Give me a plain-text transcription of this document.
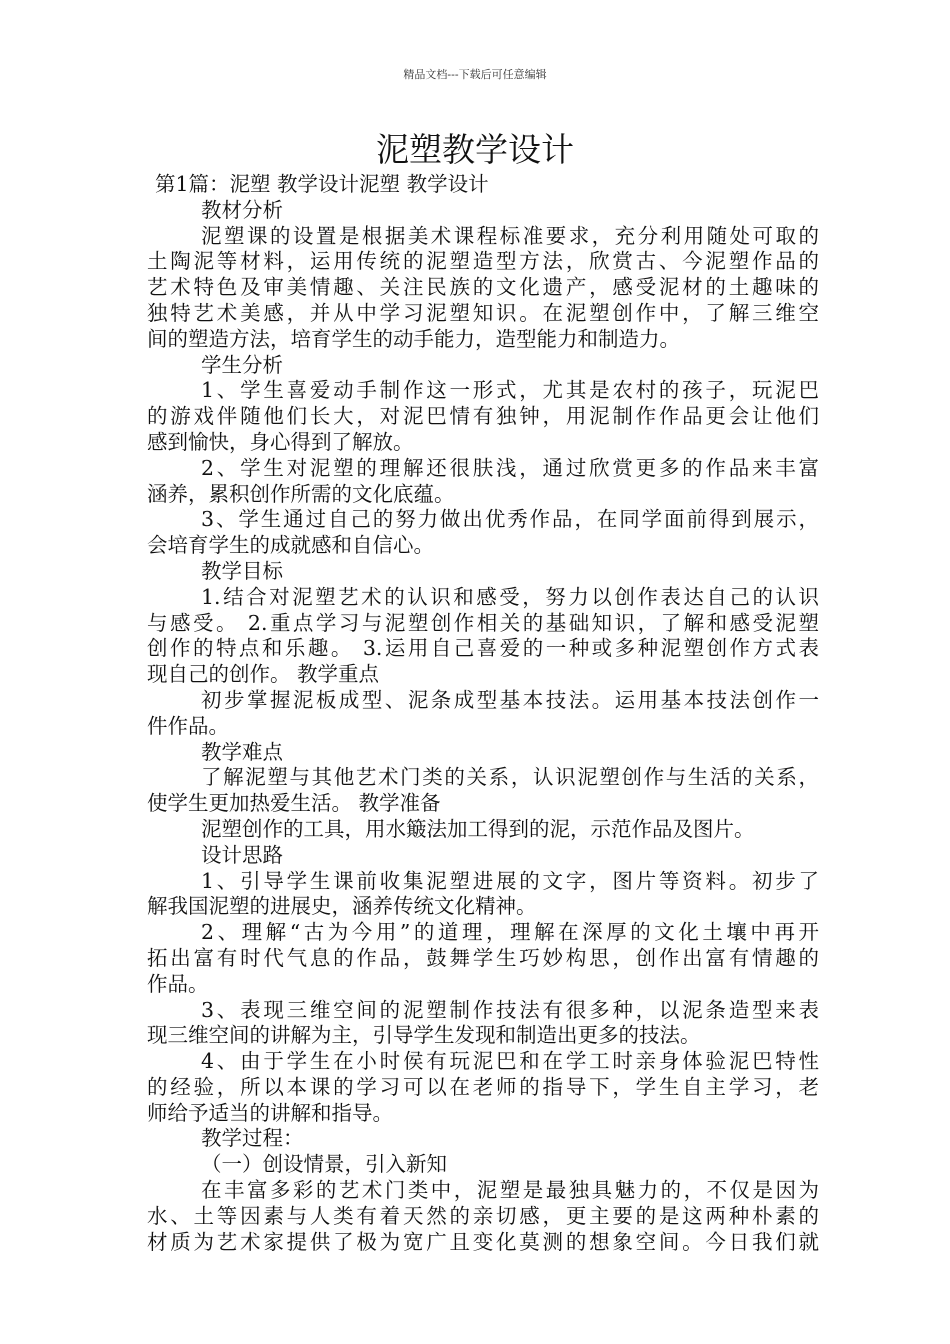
精品文档---下载后可任意编辑
泥塑教学设计
第1篇：泥塑 教学设计泥塑 教学设计
教材分析
泥塑课的设置是根据美术课程标准要求，充分利用随处可取的
土陶泥等材料，运用传统的泥塑造型方法，欣赏古、今泥塑作品的
艺术特色及审美情趣、关注民族的文化遗产，感受泥材的土趣味的
独特艺术美感，并从中学习泥塑知识。在泥塑创作中，了解三维空
间的塑造方法，培育学生的动手能力，造型能力和制造力。
学生分析
1、学生喜爱动手制作这一形式，尤其是农村的孩子，玩泥巴
的游戏伴随他们长大，对泥巴情有独钟，用泥制作作品更会让他们
感到愉快，身心得到了解放。
2、学生对泥塑的理解还很肤浅，通过欣赏更多的作品来丰富
涵养，累积创作所需的文化底蕴。
3、学生通过自己的努力做出优秀作品，在同学面前得到展示，
会培育学生的成就感和自信心。
教学目标
1.结合对泥塑艺术的认识和感受，努力以创作表达自己的认识
与感受。 2.重点学习与泥塑创作相关的基础知识，了解和感受泥塑
创作的特点和乐趣。 3.运用自己喜爱的一种或多种泥塑创作方式表
现自己的创作。 教学重点
初步掌握泥板成型、泥条成型基本技法。运用基本技法创作一
件作品。
教学难点
了解泥塑与其他艺术门类的关系，认识泥塑创作与生活的关系，
使学生更加热爱生活。 教学准备
泥塑创作的工具，用水簸法加工得到的泥，示范作品及图片。
设计思路
1、引导学生课前收集泥塑进展的文字，图片等资料。初步了
解我国泥塑的进展史，涵养传统文化精神。
2、理解“古为今用”的道理，理解在深厚的文化土壤中再开
拓出富有时代气息的作品，鼓舞学生巧妙构思，创作出富有情趣的
作品。
3、表现三维空间的泥塑制作技法有很多种，以泥条造型来表
现三维空间的讲解为主，引导学生发现和制造出更多的技法。
4、由于学生在小时侯有玩泥巴和在学工时亲身体验泥巴特性
的经验，所以本课的学习可以在老师的指导下，学生自主学习，老
师给予适当的讲解和指导。
教学过程：
（一）创设情景，引入新知
在丰富多彩的艺术门类中，泥塑是最独具魅力的，不仅是因为
水、土等因素与人类有着天然的亲切感，更主要的是这两种朴素的
材质为艺术家提供了极为宽广且变化莫测的想象空间。今日我们就
